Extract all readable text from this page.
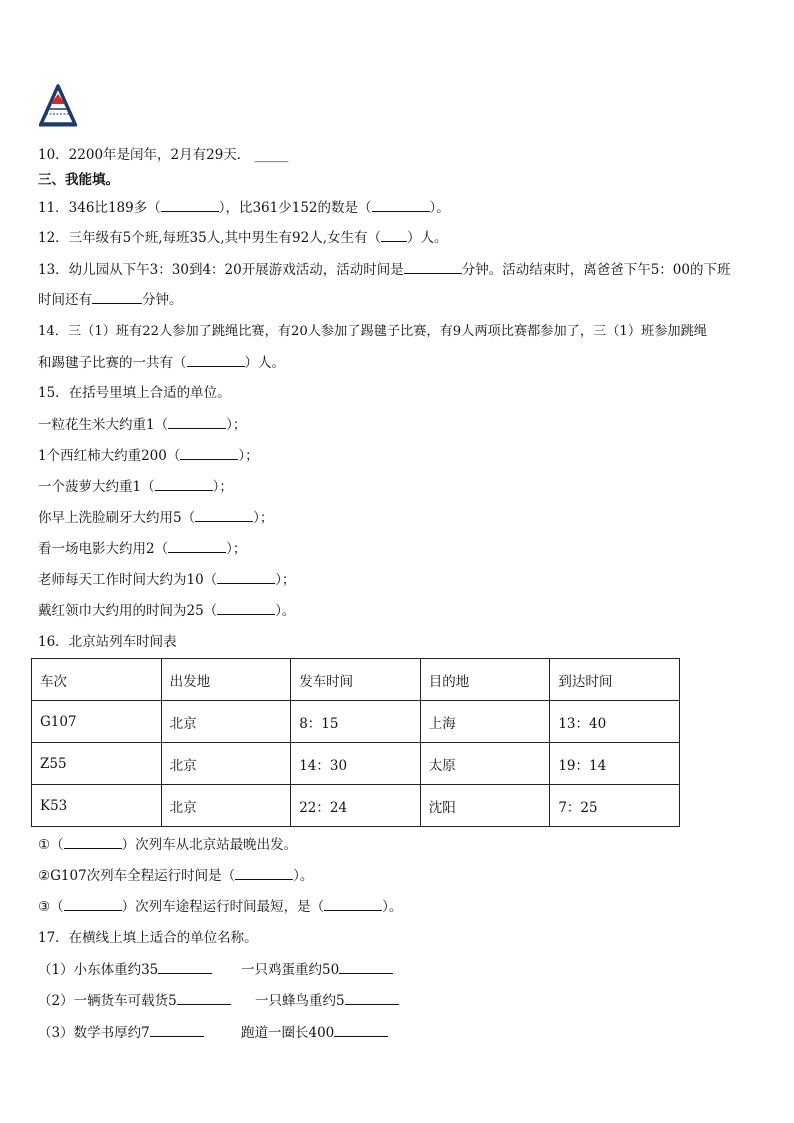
10．2200年是闰年，2月有29天． _____
三、我能填。
11．346比189多（	），比361少152的数是（	）。
12．三年级有5个班,每班35人,其中男生有92人,女生有（ ）人。
13．幼儿园从下午3：30到4：20开展游戏活动，活动时间是	分钟。活动结束时，离爸爸下午5：00的下班
时间还有	分钟。
14．三（1）班有22人参加了跳绳比赛，有20人参加了踢毽子比赛，有9人两项比赛都参加了，三（1）班参加跳绳
和踢毽子比赛的一共有（	）人。
15．在括号里填上合适的单位。
一粒花生米大约重1（	）；
1个西红柿大约重200（	）；
一个菠萝大约重1（	）；
你早上洗脸刷牙大约用5（	）；
看一场电影大约用2（	）；
老师每天工作时间大约为10（	）；
戴红领巾大约用的时间为25（	）。
16．北京站列车时间表
车次	出发地	发车时间	目的地	到达时间
G107	北京	8：15	上海	13：40
Z55	北京	14：30	太原	19：14
K53	北京	22：24	沈阳	7：25
①（	）次列车从北京站最晚出发。
②G107次列车全程运行时间是（	）。
③（	）次列车途程运行时间最短，是（	）。
17．在横线上填上适合的单位名称。
（1）小东体重约35	一只鸡蛋重约50
（2）一辆货车可载货5	一只蜂鸟重约5
（3）数学书厚约7	跑道一圈长400
